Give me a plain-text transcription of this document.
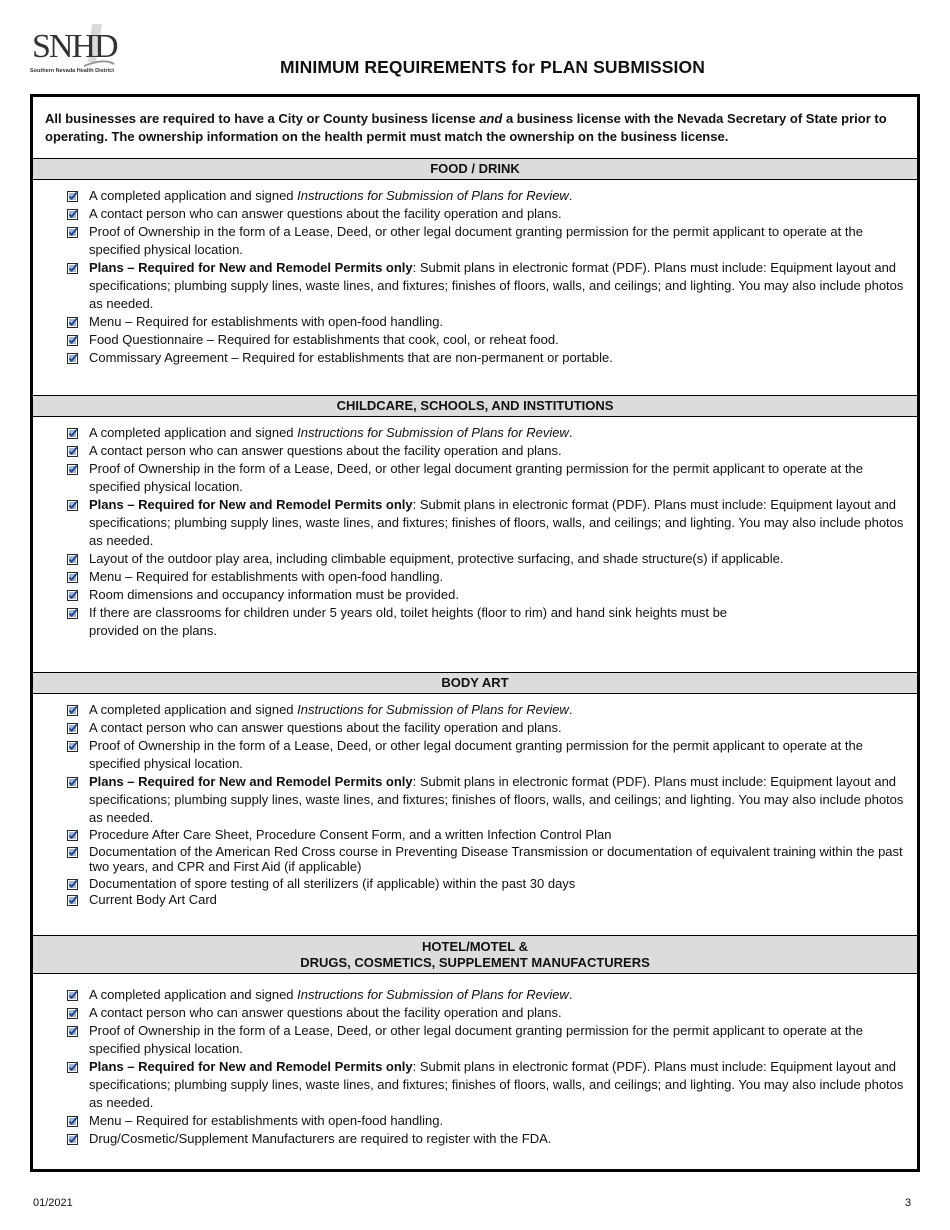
SNHD
Southern Nevada Health District	MINIMUM REQUIREMENTS for PLAN SUBMISSION
All businesses are required to have a City or County business license and a business license with the Nevada Secretary of State prior to operating. The ownership information on the health permit must match the ownership on the business license.
FOOD / DRINK
A completed application and signed Instructions for Submission of Plans for Review.
A contact person who can answer questions about the facility operation and plans.
Proof of Ownership in the form of a Lease, Deed, or other legal document granting permission for the permit applicant to operate at the specified physical location.
Plans – Required for New and Remodel Permits only: Submit plans in electronic format (PDF). Plans must include: Equipment layout and specifications; plumbing supply lines, waste lines, and fixtures; finishes of floors, walls, and ceilings; and lighting. You may also include photos as needed.
Menu – Required for establishments with open-food handling.
Food Questionnaire – Required for establishments that cook, cool, or reheat food.
Commissary Agreement – Required for establishments that are non-permanent or portable.
CHILDCARE, SCHOOLS, AND INSTITUTIONS
A completed application and signed Instructions for Submission of Plans for Review.
A contact person who can answer questions about the facility operation and plans.
Proof of Ownership in the form of a Lease, Deed, or other legal document granting permission for the permit applicant to operate at the specified physical location.
Plans – Required for New and Remodel Permits only: Submit plans in electronic format (PDF). Plans must include: Equipment layout and specifications; plumbing supply lines, waste lines, and fixtures; finishes of floors, walls, and ceilings; and lighting. You may also include photos as needed.
Layout of the outdoor play area, including climbable equipment, protective surfacing, and shade structure(s) if applicable.
Menu – Required for establishments with open-food handling.
Room dimensions and occupancy information must be provided.
If there are classrooms for children under 5 years old, toilet heights (floor to rim) and hand sink heights must be provided on the plans.
BODY ART
A completed application and signed Instructions for Submission of Plans for Review.
A contact person who can answer questions about the facility operation and plans.
Proof of Ownership in the form of a Lease, Deed, or other legal document granting permission for the permit applicant to operate at the specified physical location.
Plans – Required for New and Remodel Permits only: Submit plans in electronic format (PDF). Plans must include: Equipment layout and specifications; plumbing supply lines, waste lines, and fixtures; finishes of floors, walls, and ceilings; and lighting. You may also include photos as needed.
Procedure After Care Sheet, Procedure Consent Form, and a written Infection Control Plan
Documentation of the American Red Cross course in Preventing Disease Transmission or documentation of equivalent training within the past two years, and CPR and First Aid (if applicable)
Documentation of spore testing of all sterilizers (if applicable) within the past 30 days
Current Body Art Card
HOTEL/MOTEL &
DRUGS, COSMETICS, SUPPLEMENT MANUFACTURERS
A completed application and signed Instructions for Submission of Plans for Review.
A contact person who can answer questions about the facility operation and plans.
Proof of Ownership in the form of a Lease, Deed, or other legal document granting permission for the permit applicant to operate at the specified physical location.
Plans – Required for New and Remodel Permits only: Submit plans in electronic format (PDF). Plans must include: Equipment layout and specifications; plumbing supply lines, waste lines, and fixtures; finishes of floors, walls, and ceilings; and lighting. You may also include photos as needed.
Menu – Required for establishments with open-food handling.
Drug/Cosmetic/Supplement Manufacturers are required to register with the FDA.
01/2021	3
